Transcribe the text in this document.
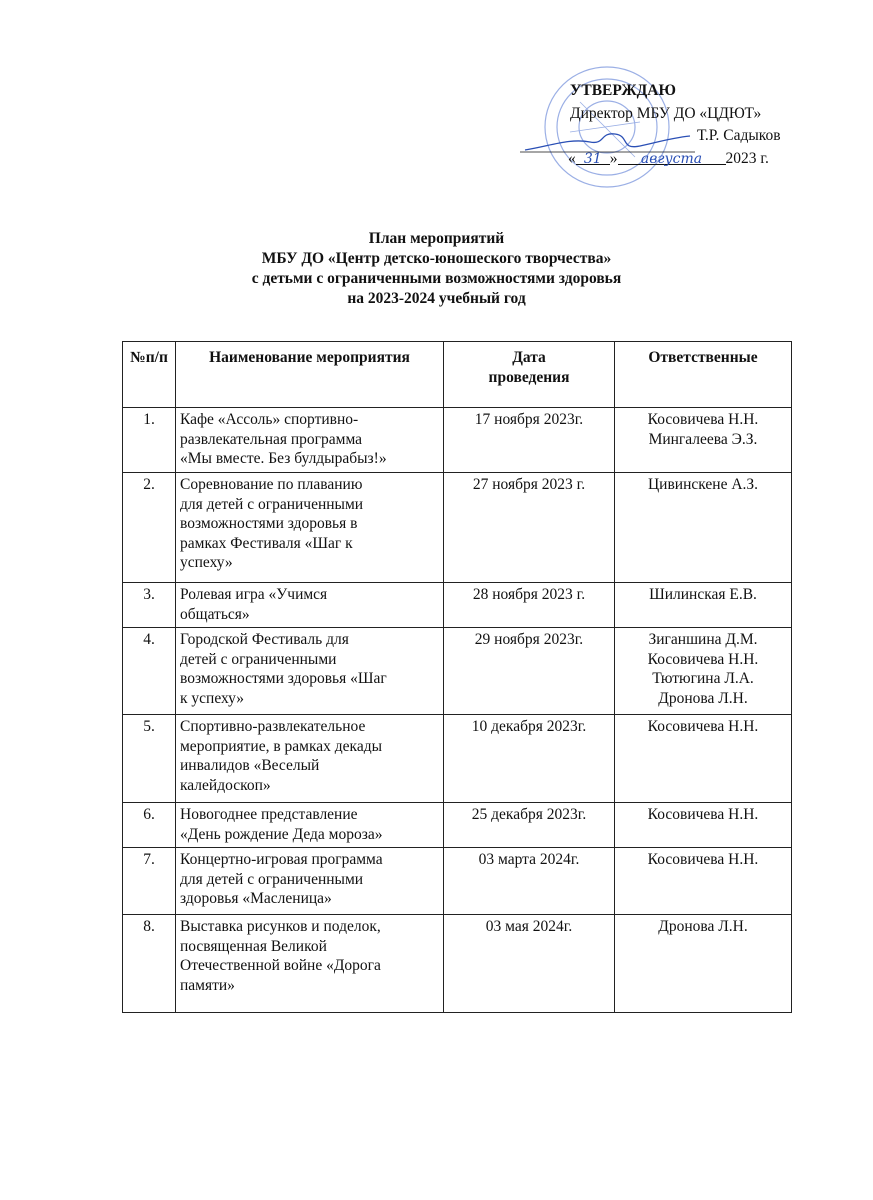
УТВЕРЖДАЮ
Директор МБУ ДО «ЦДЮТ»
Т.Р. Садыков
« 31 »	августа	2023 г.
План мероприятий
МБУ ДО «Центр детско-юношеского творчества»
с детьми с ограниченными возможностями здоровья
на 2023-2024 учебный год
№п/п	Наименование мероприятия	Дата проведения	Ответственные
1.	Кафе «Ассоль» спортивно-
развлекательная программа
«Мы вместе. Без булдырабыз!»	17 ноября 2023г.	Косовичева Н.Н.
Мингалеева Э.З.

2.	Соревнование по плаванию
для детей с ограниченными
возможностями здоровья в
рамках Фестиваля «Шаг к
успеху»	27 ноября 2023 г.	Цивинскене А.З.

3.	Ролевая игра «Учимся
общаться»	28 ноября 2023 г.	Шилинская Е.В.

4.	Городской Фестиваль для
детей с ограниченными
возможностями здоровья «Шаг
к успеху»	29 ноября 2023г.	Зиганшина Д.М.
Косовичева Н.Н.
Тютюгина Л.А.
Дронова Л.Н.

5.	Спортивно-развлекательное
мероприятие, в рамках декады
инвалидов «Веселый
калейдоскоп»	10 декабря 2023г.	Косовичева Н.Н.

6.	Новогоднее представление
«День рождение Деда мороза»	25 декабря 2023г.	Косовичева Н.Н.

7.	Концертно-игровая программа
для детей с ограниченными
здоровья «Масленица»	03 марта 2024г.	Косовичева Н.Н.

8.	Выставка рисунков и поделок,
посвященная Великой
Отечественной войне «Дорога
памяти»	03 мая 2024г.	Дронова Л.Н.
